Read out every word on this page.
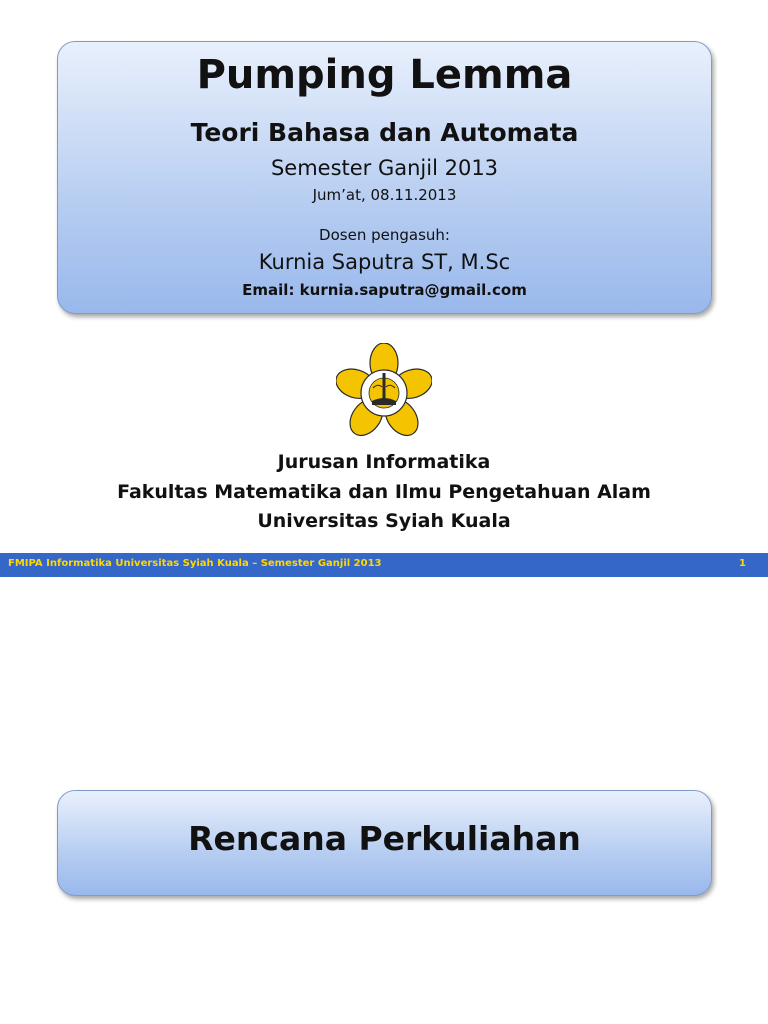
Pumping Lemma
Teori Bahasa dan Automata
Semester Ganjil 2013
Jum’at, 08.11.2013
Dosen pengasuh:
Kurnia Saputra ST, M.Sc
Email: kurnia.saputra@gmail.com
Jurusan Informatika
Fakultas Matematika dan Ilmu Pengetahuan Alam
Universitas Syiah Kuala
FMIPA Informatika Universitas Syiah Kuala – Semester Ganjil 2013	1
Rencana Perkuliahan
